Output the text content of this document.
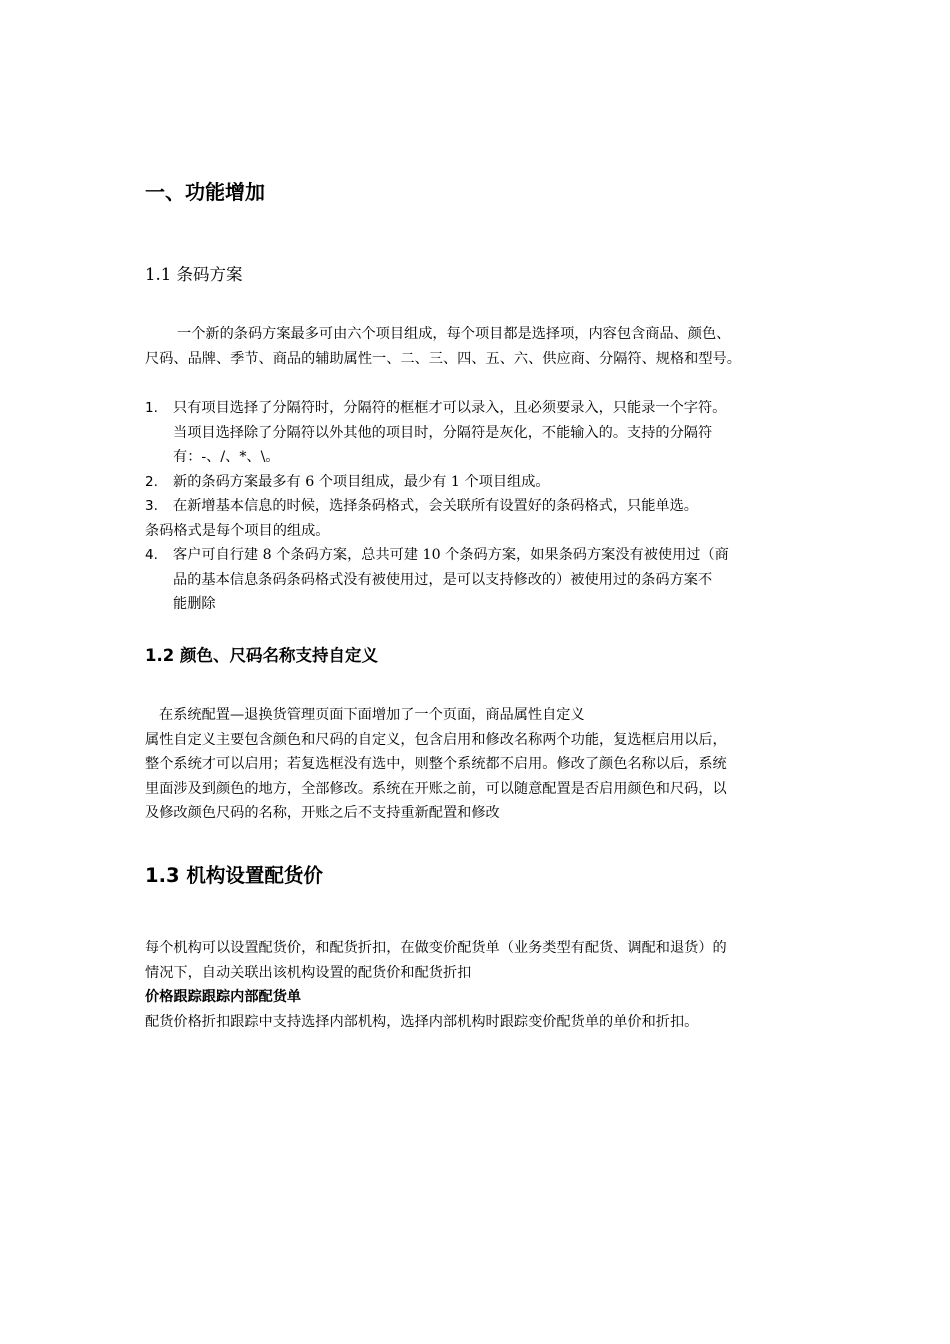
一、功能增加
1.1 条码方案
一个新的条码方案最多可由六个项目组成，每个项目都是选择项，内容包含商品、颜色、
尺码、品牌、季节、商品的辅助属性一、二、三、四、五、六、供应商、分隔符、规格和型号。
1. 只有项目选择了分隔符时，分隔符的框框才可以录入，且必须要录入，只能录一个字符。
当项目选择除了分隔符以外其他的项目时，分隔符是灰化，不能输入的。支持的分隔符
有：-、/、*、\。
2. 新的条码方案最多有 6 个项目组成，最少有 1 个项目组成。
3. 在新增基本信息的时候，选择条码格式，会关联所有设置好的条码格式，只能单选。
条码格式是每个项目的组成。
4. 客户可自行建 8 个条码方案，总共可建 10 个条码方案，如果条码方案没有被使用过（商
品的基本信息条码条码格式没有被使用过，是可以支持修改的）被使用过的条码方案不
能删除
1.2 颜色、尺码名称支持自定义
在系统配置—退换货管理页面下面增加了一个页面，商品属性自定义
属性自定义主要包含颜色和尺码的自定义，包含启用和修改名称两个功能，复选框启用以后，
整个系统才可以启用；若复选框没有选中，则整个系统都不启用。修改了颜色名称以后，系统
里面涉及到颜色的地方，全部修改。系统在开账之前，可以随意配置是否启用颜色和尺码，以
及修改颜色尺码的名称，开账之后不支持重新配置和修改
1.3 机构设置配货价
每个机构可以设置配货价，和配货折扣，在做变价配货单（业务类型有配货、调配和退货）的
情况下，自动关联出该机构设置的配货价和配货折扣
价格跟踪跟踪内部配货单
配货价格折扣跟踪中支持选择内部机构，选择内部机构时跟踪变价配货单的单价和折扣。
